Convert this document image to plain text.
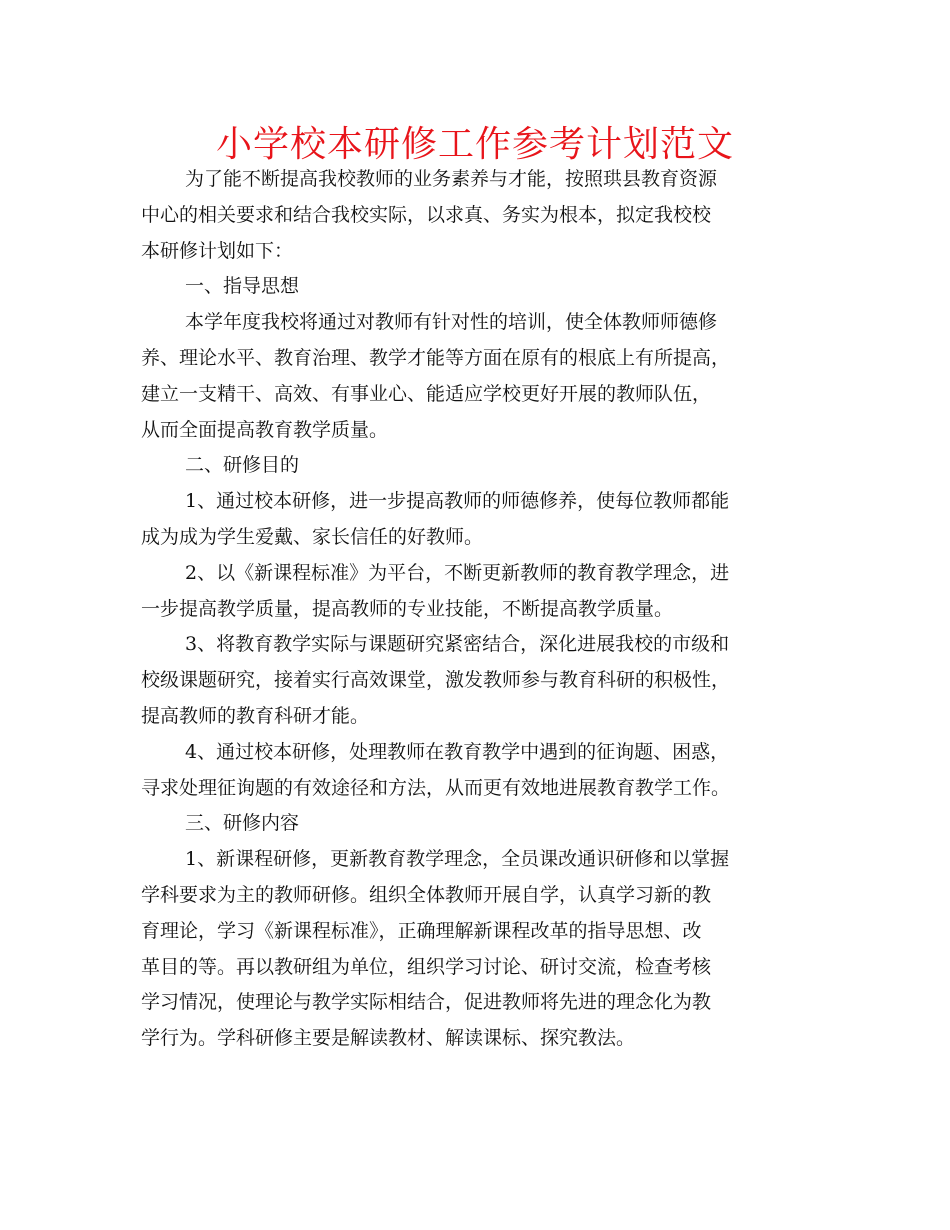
小学校本研修工作参考计划范文

为了能不断提高我校教师的业务素养与才能，按照珙县教育资源
中心的相关要求和结合我校实际，以求真、务实为根本，拟定我校校
本研修计划如下：

一、指导思想

本学年度我校将通过对教师有针对性的培训，使全体教师师德修
养、理论水平、教育治理、教学才能等方面在原有的根底上有所提高，
建立一支精干、高效、有事业心、能适应学校更好开展的教师队伍，
从而全面提高教育教学质量。

二、研修目的

1、通过校本研修，进一步提高教师的师德修养，使每位教师都能
成为成为学生爱戴、家长信任的好教师。

2、以《新课程标准》为平台，不断更新教师的教育教学理念，进
一步提高教学质量，提高教师的专业技能，不断提高教学质量。

3、将教育教学实际与课题研究紧密结合，深化进展我校的市级和
校级课题研究，接着实行高效课堂，激发教师参与教育科研的积极性，
提高教师的教育科研才能。

4、通过校本研修，处理教师在教育教学中遇到的征询题、困惑，
寻求处理征询题的有效途径和方法，从而更有效地进展教育教学工作。

三、研修内容

1、新课程研修，更新教育教学理念，全员课改通识研修和以掌握
学科要求为主的教师研修。组织全体教师开展自学，认真学习新的教
育理论，学习《新课程标准》，正确理解新课程改革的指导思想、改
革目的等。再以教研组为单位，组织学习讨论、研讨交流，检查考核
学习情况，使理论与教学实际相结合，促进教师将先进的理念化为教
学行为。学科研修主要是解读教材、解读课标、探究教法。
